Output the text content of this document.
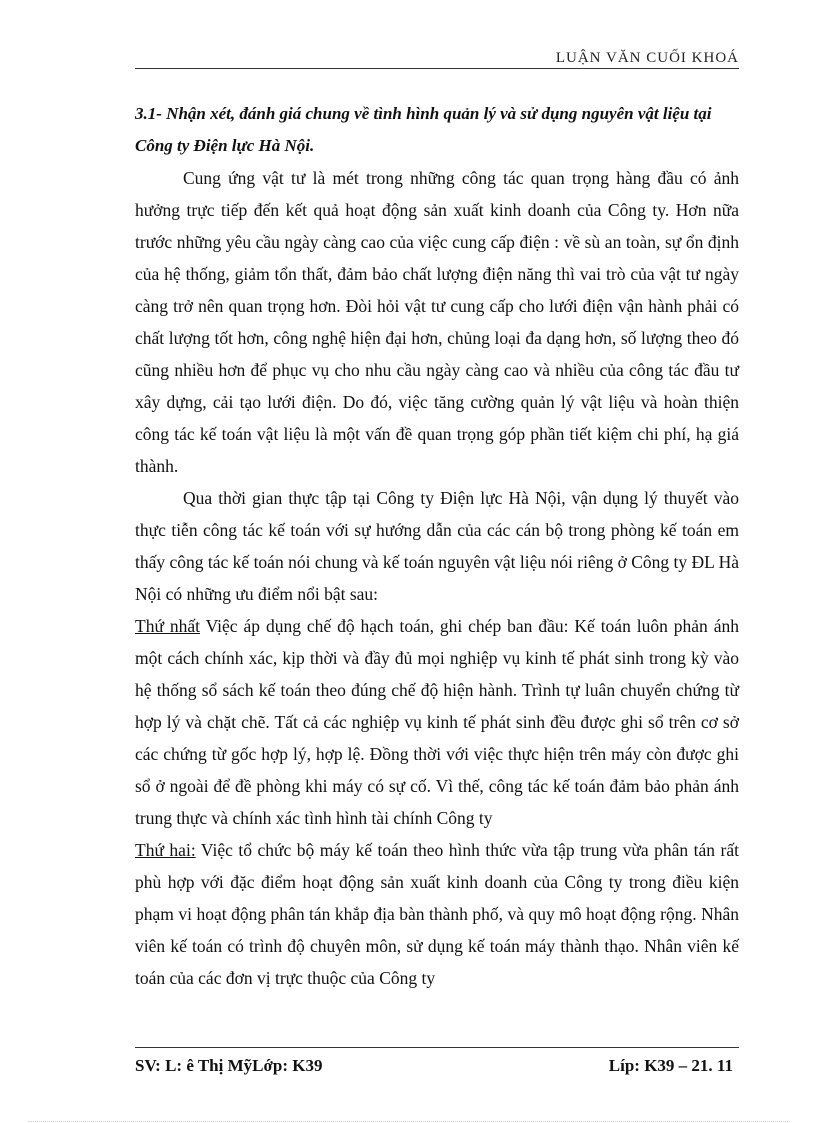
LUẬN VĂN CUỐI KHOÁ

3.1- Nhận xét, đánh giá chung về tình hình quản lý và sử dụng nguyên vật liệu tại Công ty Điện lực Hà Nội.

Cung ứng vật tư là mét trong những công tác quan trọng hàng đầu có ảnh hưởng trực tiếp đến kết quả hoạt động sản xuất kinh doanh của Công ty. Hơn nữa trước những yêu cầu ngày càng cao của việc cung cấp điện : về sù an toàn, sự ổn định của hệ thống, giảm tổn thất, đảm bảo chất lượng điện năng thì vai trò của vật tư ngày càng trở nên quan trọng hơn. Đòi hỏi vật tư cung cấp cho lưới điện vận hành phải có chất lượng tốt hơn, công nghệ hiện đại hơn, chủng loại đa dạng hơn, số lượng theo đó cũng nhiều hơn để phục vụ cho nhu cầu ngày càng cao và nhiều của công tác đầu tư xây dựng, cải tạo lưới điện. Do đó, việc tăng cường quản lý vật liệu và hoàn thiện công tác kế toán vật liệu là một vấn đề quan trọng góp phần tiết kiệm chi phí, hạ giá thành.

Qua thời gian thực tập tại Công ty Điện lực Hà Nội, vận dụng lý thuyết vào thực tiễn công tác kế toán với sự hướng dẫn của các cán bộ trong phòng kế toán em thấy công tác kế toán nói chung và kế toán nguyên vật liệu nói riêng ở Công ty ĐL Hà Nội có những ưu điểm nổi bật sau:

Thứ nhất Việc áp dụng chế độ hạch toán, ghi chép ban đầu: Kế toán luôn phản ánh một cách chính xác, kịp thời và đầy đủ mọi nghiệp vụ kinh tế phát sinh trong kỳ vào hệ thống sổ sách kế toán theo đúng chế độ hiện hành. Trình tự luân chuyển chứng từ hợp lý và chặt chẽ. Tất cả các nghiệp vụ kinh tế phát sinh đều được ghi sổ trên cơ sở các chứng từ gốc hợp lý, hợp lệ. Đồng thời với việc thực hiện trên máy còn được ghi sổ ở ngoài để đề phòng khi máy có sự cố. Vì thế, công tác kế toán đảm bảo phản ánh trung thực và chính xác tình hình tài chính Công ty

Thứ hai: Việc tổ chức bộ máy kế toán theo hình thức vừa tập trung vừa phân tán rất phù hợp với đặc điểm hoạt động sản xuất kinh doanh của Công ty trong điều kiện phạm vi hoạt động phân tán khắp địa bàn thành phố, và quy mô hoạt động rộng. Nhân viên kế toán có trình độ chuyên môn, sử dụng kế toán máy thành thạo. Nhân viên kế toán của các đơn vị trực thuộc của Công ty

SV: L: ê Thị MỹLớp: K39	Líp: K39 – 21. 11
